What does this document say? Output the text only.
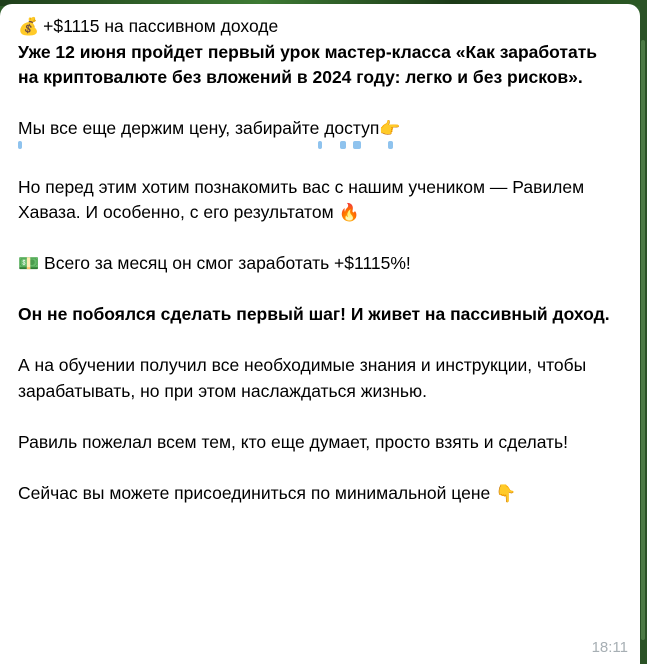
💰 +$1115 на пассивном доходе

Уже 12 июня пройдет первый урок мастер-класса «Как заработать на криптовалюте без вложений в 2024 году: легко и без рисков».

Мы все еще держим цену, забирайте доступ👉

Но перед этим хотим познакомить вас с нашим учеником — Равилем Хаваза. И особенно, с его результатом 🔥

💵 Всего за месяц он смог заработать +$1115%!

Он не побоялся сделать первый шаг! И живет на пассивный доход.

А на обучении получил все необходимые знания и инструкции, чтобы зарабатывать, но при этом наслаждаться жизнью.

Равиль пожелал всем тем, кто еще думает, просто взять и сделать!

Сейчас вы можете присоединиться по минимальной цене 👇

18:11
